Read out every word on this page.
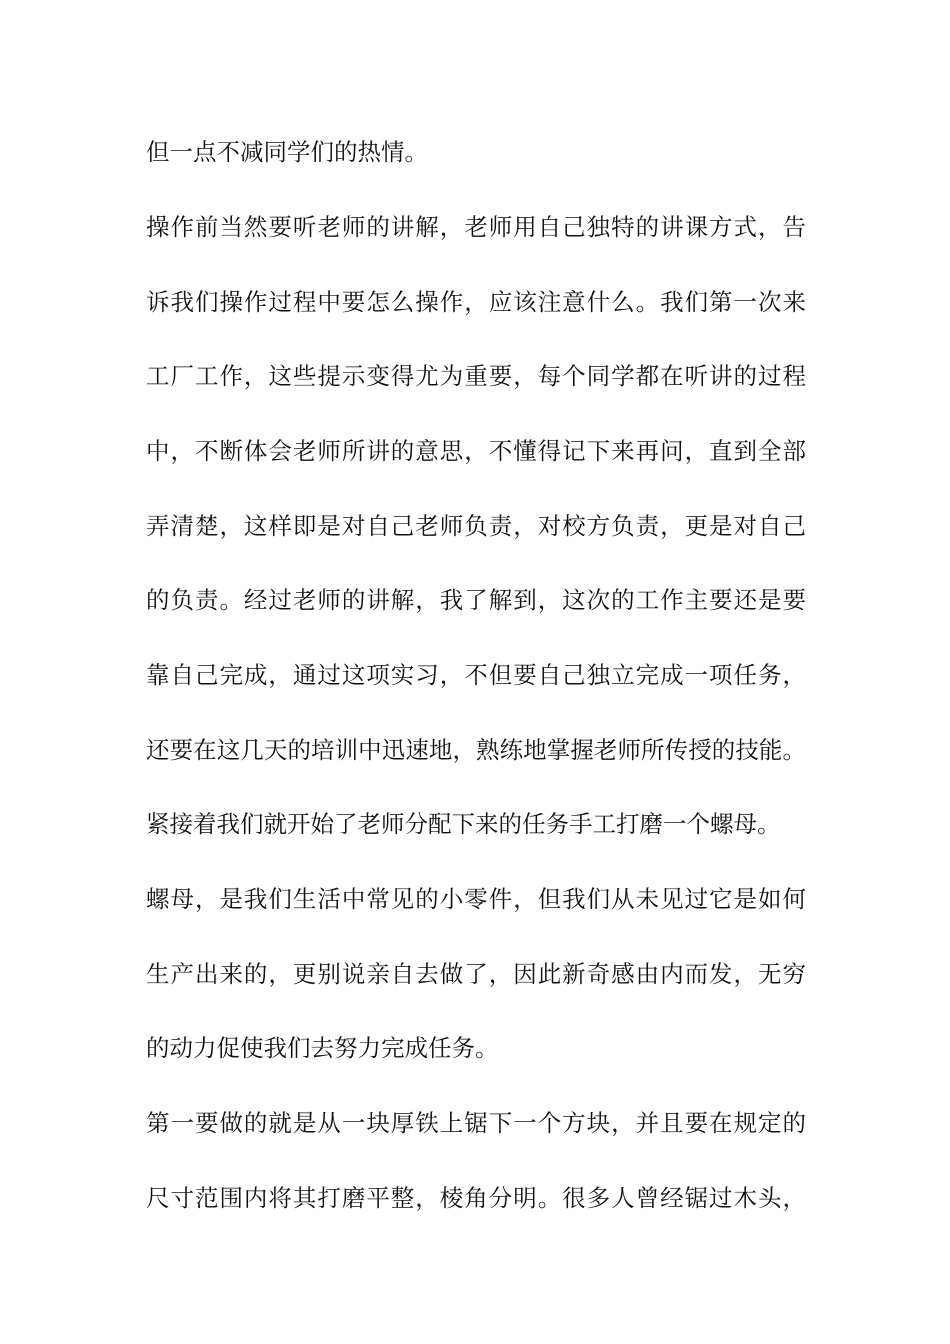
但一点不减同学们的热情。
操作前当然要听老师的讲解，老师用自己独特的讲课方式，告
诉我们操作过程中要怎么操作，应该注意什么。我们第一次来
工厂工作，这些提示变得尤为重要，每个同学都在听讲的过程
中，不断体会老师所讲的意思，不懂得记下来再问，直到全部
弄清楚，这样即是对自己老师负责，对校方负责，更是对自己
的负责。经过老师的讲解，我了解到，这次的工作主要还是要
靠自己完成，通过这项实习，不但要自己独立完成一项任务，
还要在这几天的培训中迅速地，熟练地掌握老师所传授的技能。
紧接着我们就开始了老师分配下来的任务手工打磨一个螺母。
螺母，是我们生活中常见的小零件，但我们从未见过它是如何
生产出来的，更别说亲自去做了，因此新奇感由内而发，无穷
的动力促使我们去努力完成任务。
第一要做的就是从一块厚铁上锯下一个方块，并且要在规定的
尺寸范围内将其打磨平整，棱角分明。很多人曾经锯过木头，
